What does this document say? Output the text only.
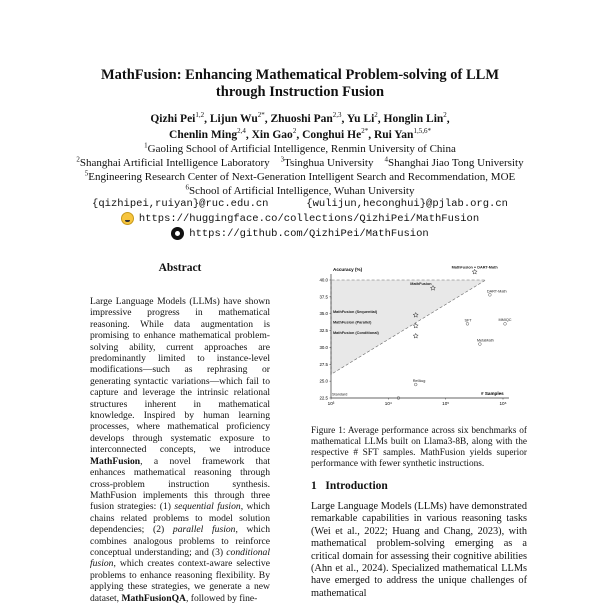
MathFusion: Enhancing Mathematical Problem-solving of LLM
through Instruction Fusion
Qizhi Pei$^{1,2}$, Lijun $Wu^{2*}$, Zhuoshi Pan$^{2,3}$, Yu Li$^2$, Honglin Lin$^2$,
Chenlin Ming$^{2,4}$, Xin Gao$^2$, Conghui $He^{2*}$, Rui Yan$^{1,5,6*}$
$^1$Gaoling School of Artificial Intelligence, Renmin University of China
$^2$Shanghai Artificial Intelligence Laboratory $^3$Tsinghua University $^4$Shanghai Jiao Tong University
$^5$Engineering Research Center of Next-Generation Intelligent Search and Recommendation, MOE
$^6$School of Artificial Intelligence, Wuhan University
{qizhipei,ruiyan}@ruc.edu.cn	{wulijun,heconghui}@pjlab.org.cn
https://huggingface.co/collections/QizhiPei/MathFusion
https://github.com/QizhiPei/MathFusion
Abstract
Large Language Models (LLMs) have shown impressive progress in mathematical reasoning. While data augmentation is promising to enhance mathematical problem-solving ability, current approaches are predominantly limited to instance-level modifications—such as rephrasing or generating syntactic variations—which fail to capture and leverage the intrinsic relational structures inherent in mathematical knowledge. Inspired by human learning processes, where mathematical proficiency develops through systematic exposure to interconnected concepts, we introduce MathFusion, a novel framework that enhances mathematical reasoning through cross-problem instruction synthesis. MathFusion implements this through three fusion strategies: (1) sequential fusion, which chains related problems to model solution dependencies; (2) parallel fusion, which combines analogous problems to reinforce conceptual understanding; and (3) conditional fusion, which creates context-aware selective problems to enhance reasoning flexibility. By applying these strategies, we generate a new dataset, MathFusionQA, followed by fine-
Accuracy (%)
# Samples
22.5
25.0
27.5
30.0
32.5
35.0
37.5
40.0
10³	10⁴	10⁵	10⁶
MathFusion + DART-Math
MathFusion
DART-Math
MathFusion (Sequential)
MathFusion (Parallel)
MathFusion (Conditional)
SFT	MMIQC
MetaMath
RefAug
Standard
Figure 1: Average performance across six benchmarks of mathematical LLMs built on Llama3-8B, along with the respective # SFT samples. MathFusion yields superior performance with fewer synthetic instructions.
1 Introduction
Large Language Models (LLMs) have demonstrated remarkable capabilities in various reasoning tasks (Wei et al., 2022; Huang and Chang, 2023), with mathematical problem-solving emerging as a critical domain for assessing their cognitive abilities (Ahn et al., 2024). Specialized mathematical LLMs have emerged to address the unique challenges of mathematical
